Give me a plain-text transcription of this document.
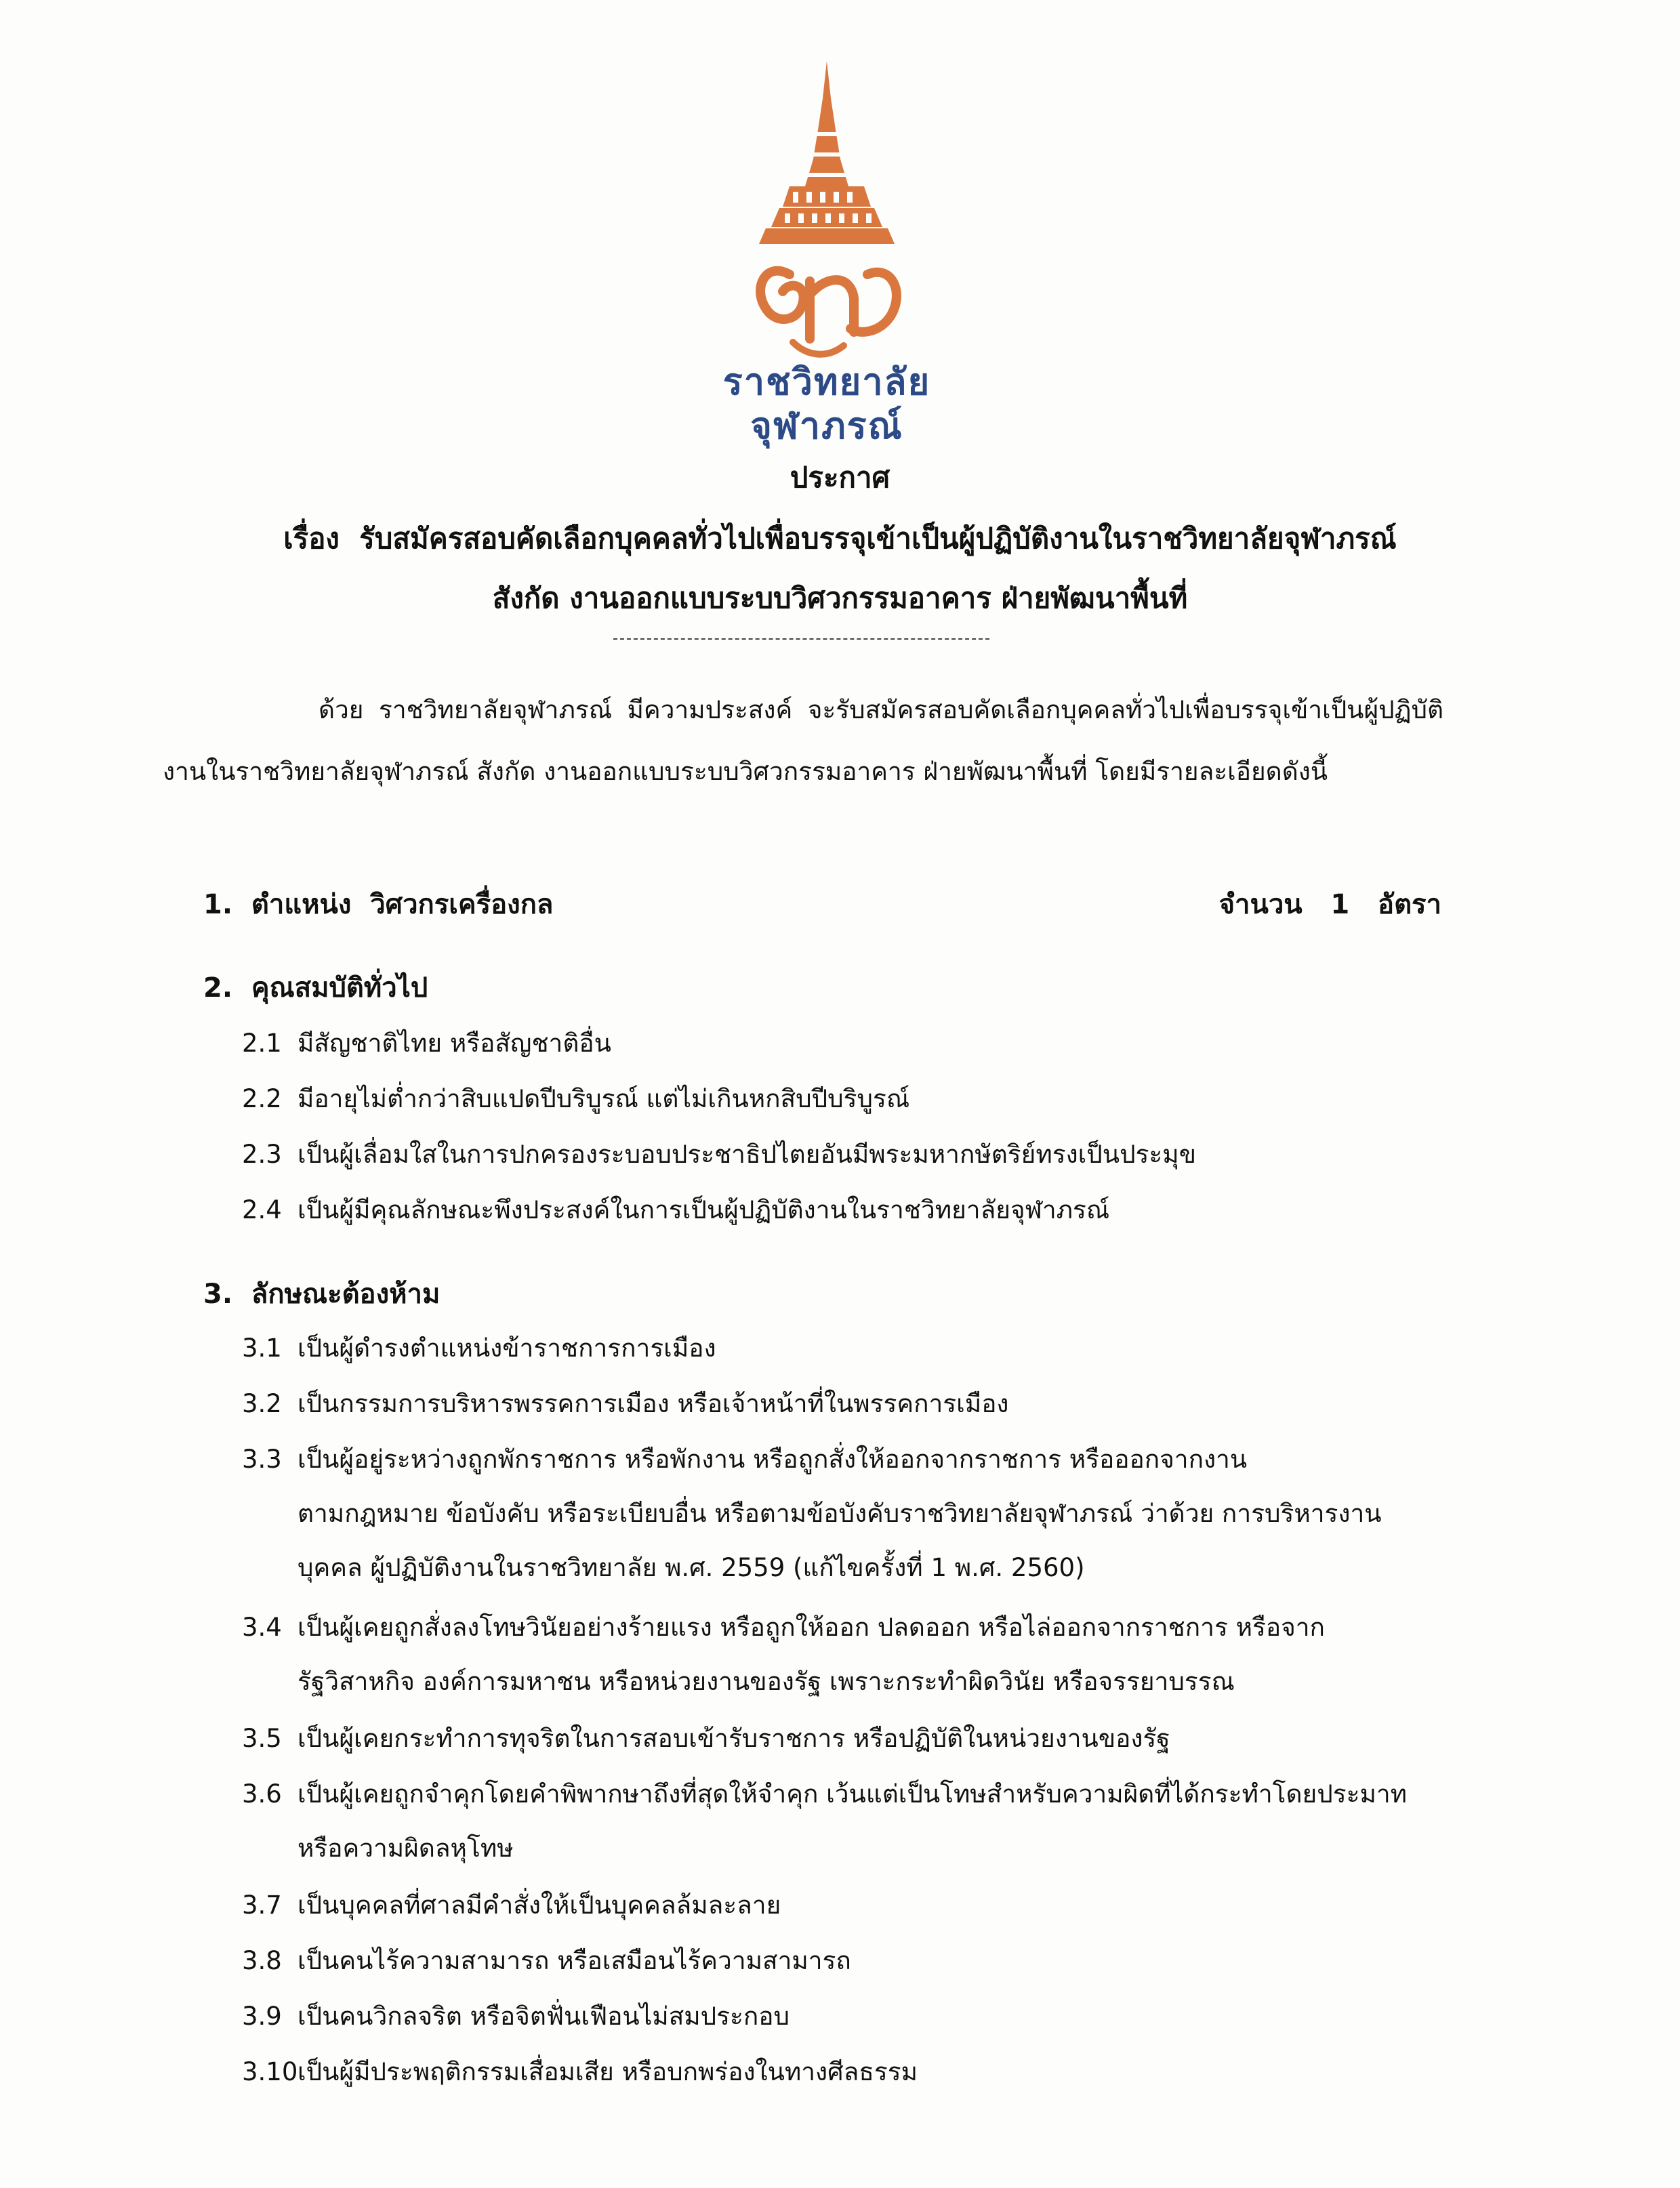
ราชวิทยาลัย
จุฬาภรณ์
ประกาศ
เรื่อง รับสมัครสอบคัดเลือกบุคคลทั่วไปเพื่อบรรจุเข้าเป็นผู้ปฏิบัติงานในราชวิทยาลัยจุฬาภรณ์
สังกัด งานออกแบบระบบวิศวกรรมอาคาร ฝ่ายพัฒนาพื้นที่
ด้วย ราชวิทยาลัยจุฬาภรณ์ มีความประสงค์ จะรับสมัครสอบคัดเลือกบุคคลทั่วไปเพื่อบรรจุเข้าเป็นผู้ปฏิบัติงานในราชวิทยาลัยจุฬาภรณ์ สังกัด งานออกแบบระบบวิศวกรรมอาคาร ฝ่ายพัฒนาพื้นที่ โดยมีรายละเอียดดังนี้
1. ตำแหน่ง วิศวกรเครื่องกล	จำนวน 1 อัตรา
2. คุณสมบัติทั่วไป
2.1 มีสัญชาติไทย หรือสัญชาติอื่น
2.2 มีอายุไม่ต่ำกว่าสิบแปดปีบริบูรณ์ แต่ไม่เกินหกสิบปีบริบูรณ์
2.3 เป็นผู้เลื่อมใสในการปกครองระบอบประชาธิปไตยอันมีพระมหากษัตริย์ทรงเป็นประมุข
2.4 เป็นผู้มีคุณลักษณะพึงประสงค์ในการเป็นผู้ปฏิบัติงานในราชวิทยาลัยจุฬาภรณ์
3. ลักษณะต้องห้าม
3.1 เป็นผู้ดำรงตำแหน่งข้าราชการการเมือง
3.2 เป็นกรรมการบริหารพรรคการเมือง หรือเจ้าหน้าที่ในพรรคการเมือง
3.3 เป็นผู้อยู่ระหว่างถูกพักราชการ หรือพักงาน หรือถูกสั่งให้ออกจากราชการ หรือออกจากงาน
ตามกฎหมาย ข้อบังคับ หรือระเบียบอื่น หรือตามข้อบังคับราชวิทยาลัยจุฬาภรณ์ ว่าด้วย การบริหารงาน
บุคคล ผู้ปฏิบัติงานในราชวิทยาลัย พ.ศ. 2559 (แก้ไขครั้งที่ 1 พ.ศ. 2560)
3.4 เป็นผู้เคยถูกสั่งลงโทษวินัยอย่างร้ายแรง หรือถูกให้ออก ปลดออก หรือไล่ออกจากราชการ หรือจาก
รัฐวิสาหกิจ องค์การมหาชน หรือหน่วยงานของรัฐ เพราะกระทำผิดวินัย หรือจรรยาบรรณ
3.5 เป็นผู้เคยกระทำการทุจริตในการสอบเข้ารับราชการ หรือปฏิบัติในหน่วยงานของรัฐ
3.6 เป็นผู้เคยถูกจำคุกโดยคำพิพากษาถึงที่สุดให้จำคุก เว้นแต่เป็นโทษสำหรับความผิดที่ได้กระทำโดยประมาท
หรือความผิดลหุโทษ
3.7 เป็นบุคคลที่ศาลมีคำสั่งให้เป็นบุคคลล้มละลาย
3.8 เป็นคนไร้ความสามารถ หรือเสมือนไร้ความสามารถ
3.9 เป็นคนวิกลจริต หรือจิตฟั่นเฟือนไม่สมประกอบ
3.10เป็นผู้มีประพฤติกรรมเสื่อมเสีย หรือบกพร่องในทางศีลธรรม
